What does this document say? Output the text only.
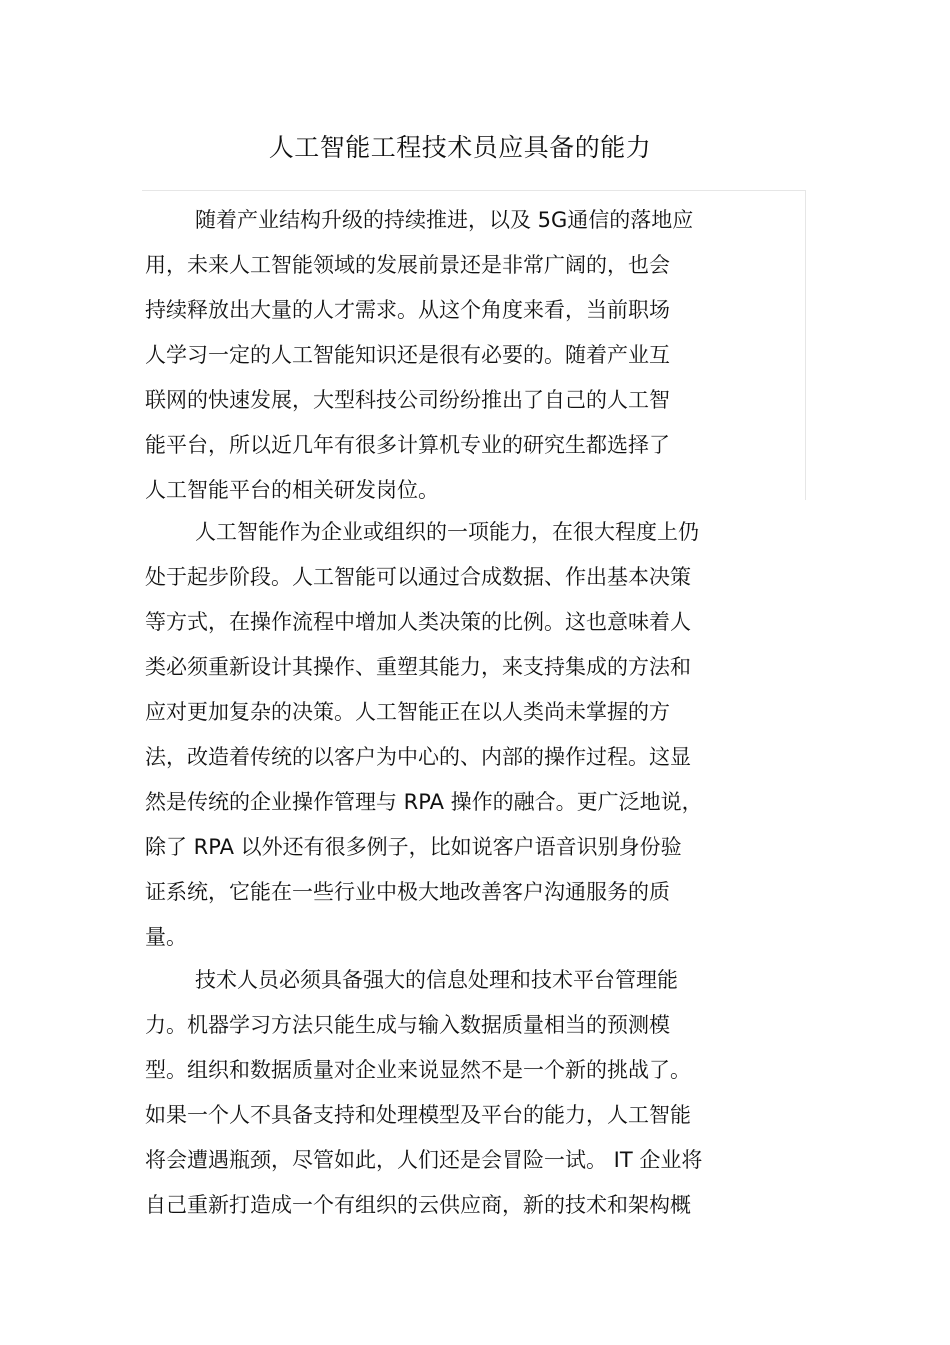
人工智能工程技术员应具备的能力
随着产业结构升级的持续推进，以及 5G通信的落地应
用，未来人工智能领域的发展前景还是非常广阔的，也会
持续释放出大量的人才需求。从这个角度来看，当前职场
人学习一定的人工智能知识还是很有必要的。随着产业互
联网的快速发展，大型科技公司纷纷推出了自己的人工智
能平台，所以近几年有很多计算机专业的研究生都选择了
人工智能平台的相关研发岗位。
人工智能作为企业或组织的一项能力，在很大程度上仍
处于起步阶段。人工智能可以通过合成数据、作出基本决策
等方式，在操作流程中增加人类决策的比例。这也意味着人
类必须重新设计其操作、重塑其能力，来支持集成的方法和
应对更加复杂的决策。人工智能正在以人类尚未掌握的方
法，改造着传统的以客户为中心的、内部的操作过程。这显
然是传统的企业操作管理与 RPA 操作的融合。更广泛地说，
除了 RPA 以外还有很多例子，比如说客户语音识别身份验
证系统，它能在一些行业中极大地改善客户沟通服务的质
量。
技术人员必须具备强大的信息处理和技术平台管理能
力。机器学习方法只能生成与输入数据质量相当的预测模
型。组织和数据质量对企业来说显然不是一个新的挑战了。
如果一个人不具备支持和处理模型及平台的能力，人工智能
将会遭遇瓶颈，尽管如此，人们还是会冒险一试。 IT 企业将
自己重新打造成一个有组织的云供应商，新的技术和架构概
